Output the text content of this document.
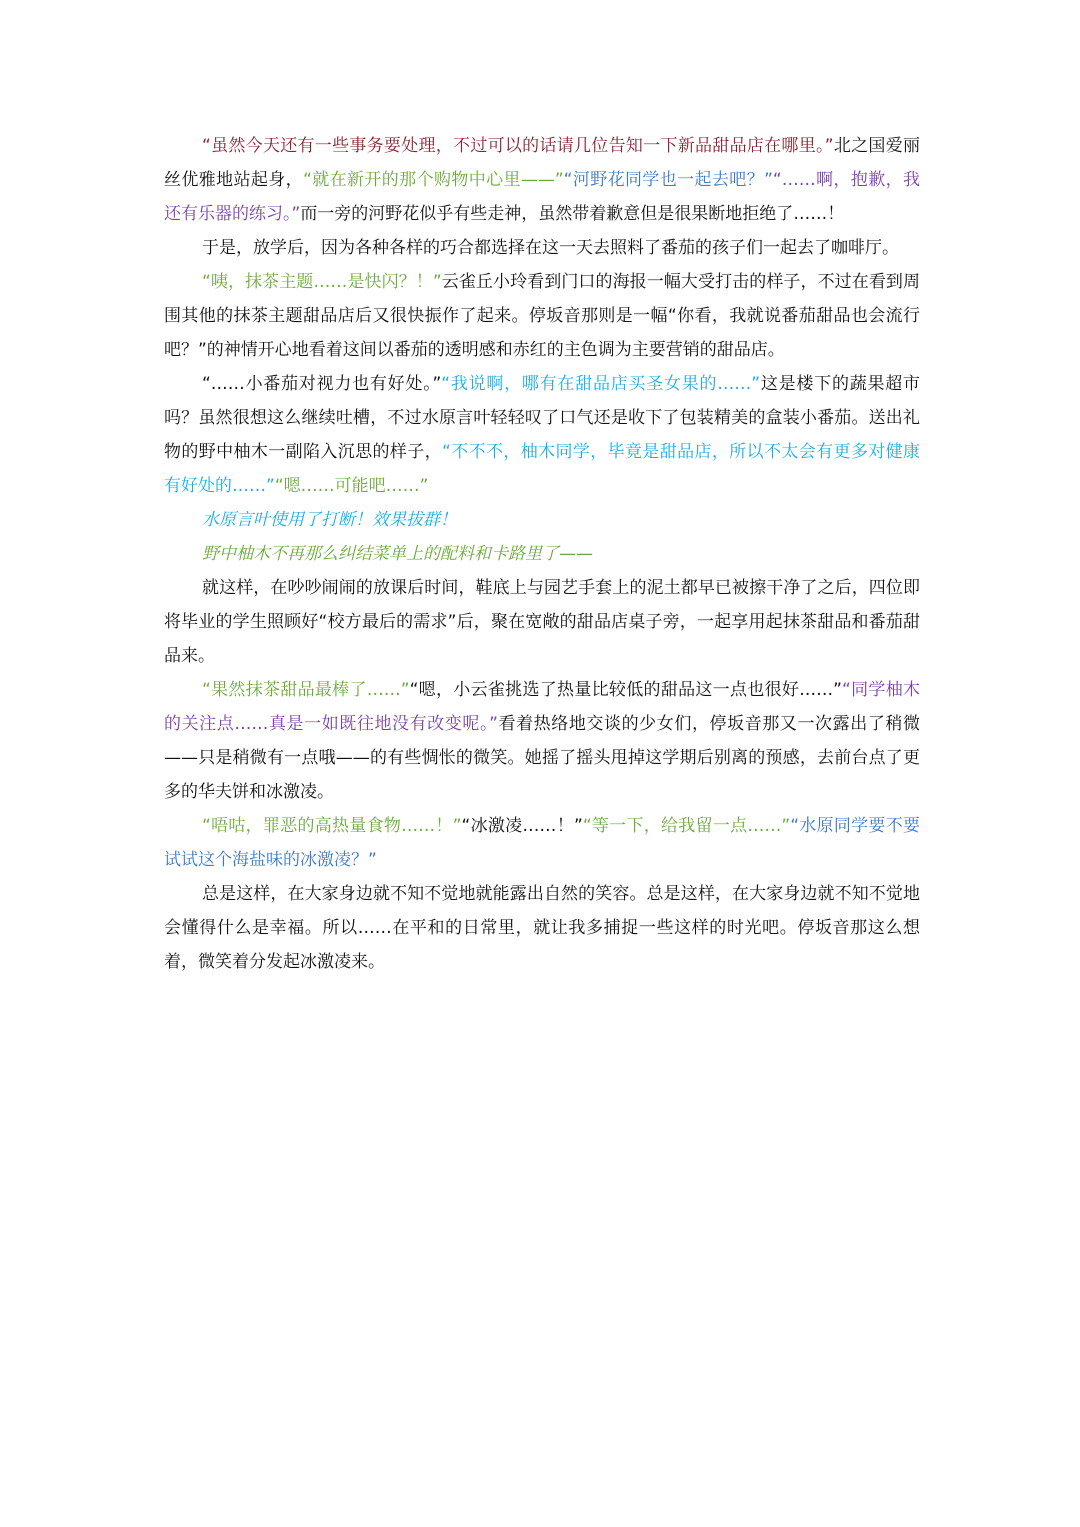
“虽然今天还有一些事务要处理，不过可以的话请几位告知一下新品甜品店在哪里。”北之国爱丽丝优雅地站起身，“就在新开的那个购物中心里——”“河野花同学也一起去吧？”“……啊，抱歉，我还有乐器的练习。”而一旁的河野花似乎有些走神，虽然带着歉意但是很果断地拒绝了……！

于是，放学后，因为各种各样的巧合都选择在这一天去照料了番茄的孩子们一起去了咖啡厅。

“咦，抹茶主题……是快闪？！”云雀丘小玲看到门口的海报一幅大受打击的样子，不过在看到周围其他的抹茶主题甜品店后又很快振作了起来。停坂音那则是一幅“你看，我就说番茄甜品也会流行吧？”的神情开心地看着这间以番茄的透明感和赤红的主色调为主要营销的甜品店。

“……小番茄对视力也有好处。”“我说啊，哪有在甜品店买圣女果的……”这是楼下的蔬果超市吗？虽然很想这么继续吐槽，不过水原言叶轻轻叹了口气还是收下了包装精美的盒装小番茄。送出礼物的野中柚木一副陷入沉思的样子，“不不不，柚木同学，毕竟是甜品店，所以不太会有更多对健康有好处的……”“嗯……可能吧……”

水原言叶使用了打断！效果拔群！

野中柚木不再那么纠结菜单上的配料和卡路里了——

就这样，在吵吵闹闹的放课后时间，鞋底上与园艺手套上的泥土都早已被擦干净了之后，四位即将毕业的学生照顾好“校方最后的需求”后，聚在宽敞的甜品店桌子旁，一起享用起抹茶甜品和番茄甜品来。

“果然抹茶甜品最棒了……”“嗯，小云雀挑选了热量比较低的甜品这一点也很好……”“同学柚木的关注点……真是一如既往地没有改变呢。”看着热络地交谈的少女们，停坂音那又一次露出了稍微——只是稍微有一点哦——的有些惆怅的微笑。她摇了摇头甩掉这学期后别离的预感，去前台点了更多的华夫饼和冰激凌。

“唔咕，罪恶的高热量食物……！”“冰激凌……！”“等一下，给我留一点……”“水原同学要不要试试这个海盐味的冰激凌？”

总是这样，在大家身边就不知不觉地就能露出自然的笑容。总是这样，在大家身边就不知不觉地会懂得什么是幸福。所以……在平和的日常里，就让我多捕捉一些这样的时光吧。停坂音那这么想着，微笑着分发起冰激凌来。
